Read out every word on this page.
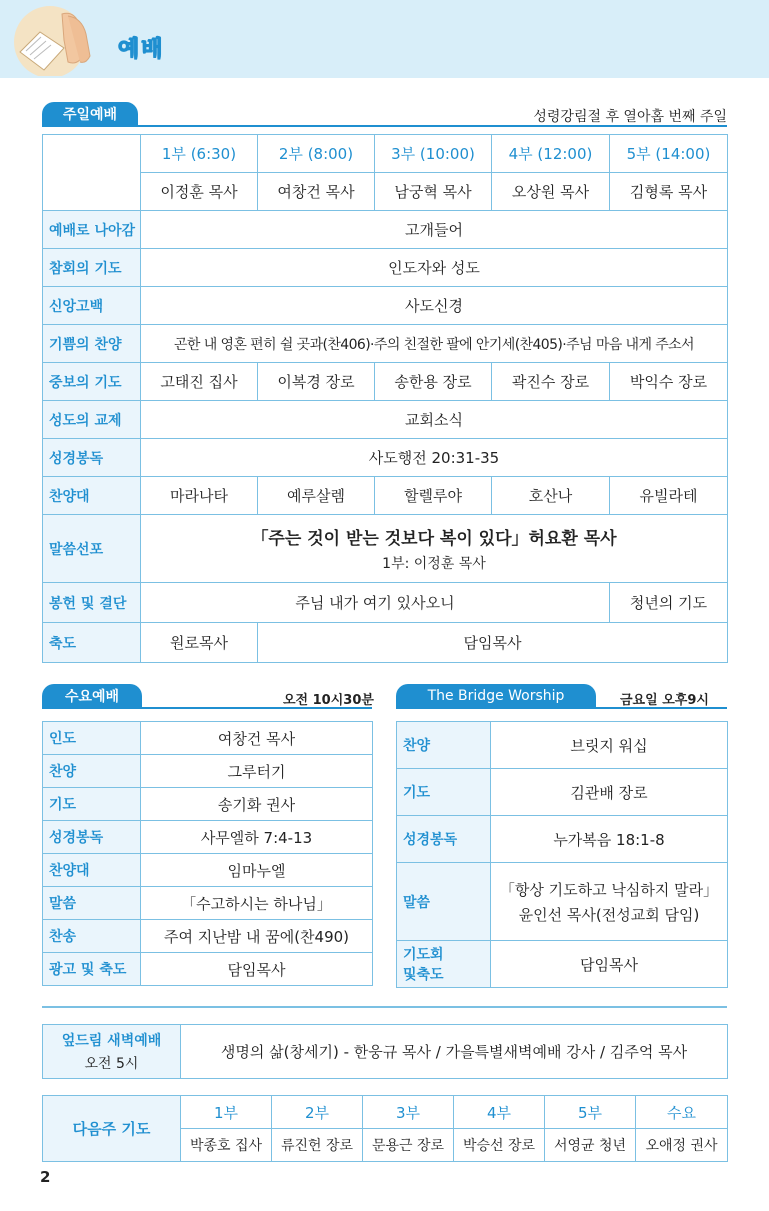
예배
주일예배	성령강림절 후 열아홉 번째 주일
	1부 (6:30)	2부 (8:00)	3부 (10:00)	4부 (12:00)	5부 (14:00)
	이정훈 목사	여창건 목사	남궁혁 목사	오상원 목사	김형록 목사
예배로 나아감	고개들어				
참회의 기도	인도자와 성도				
신앙고백	사도신경				
기쁨의 찬양	곤한 내 영혼 편히 쉴 곳과(찬406)·주의 친절한 팔에 안기세(찬405)·주님 마음 내게 주소서				
중보의 기도	고태진 집사	이복경 장로	송한용 장로	곽진수 장로	박익수 장로
성도의 교제	교회소식				
성경봉독	사도행전 20:31-35				
찬양대	마라나타	예루살렘	할렐루야	호산나	유빌라테
말씀선포	「주는 것이 받는 것보다 복이 있다」허요환 목사
1부: 이정훈 목사				

봉헌 및 결단	주님 내가 여기 있사오니				청년의 기도
축도	원로목사	담임목사			
수요예배	오전 10시30분
인도	여창건 목사
찬양	그루터기
기도	송기화 권사
성경봉독	사무엘하 7:4-13
찬양대	임마누엘
말씀	「수고하시는 하나님」
찬송	주여 지난밤 내 꿈에(찬490)
광고 및 축도	담임목사
The Bridge Worship	금요일 오후9시
찬양	브릿지 워십
기도	김관배 장로
성경봉독	누가복음 18:1-8
말씀	「항상 기도하고 낙심하지 말라」
윤인선 목사(전성교회 담임)

기도회
및축도	담임목사
엎드림 새벽예배
오전 5시
	생명의 삶(창세기) - 한웅규 목사 / 가을특별새벽예배 강사 / 김주억 목사
다음주 기도	1부	2부	3부	4부	5부	수요
	박종호 집사	류진헌 장로	문용근 장로	박승선 장로	서영균 청년	오애정 권사
2
